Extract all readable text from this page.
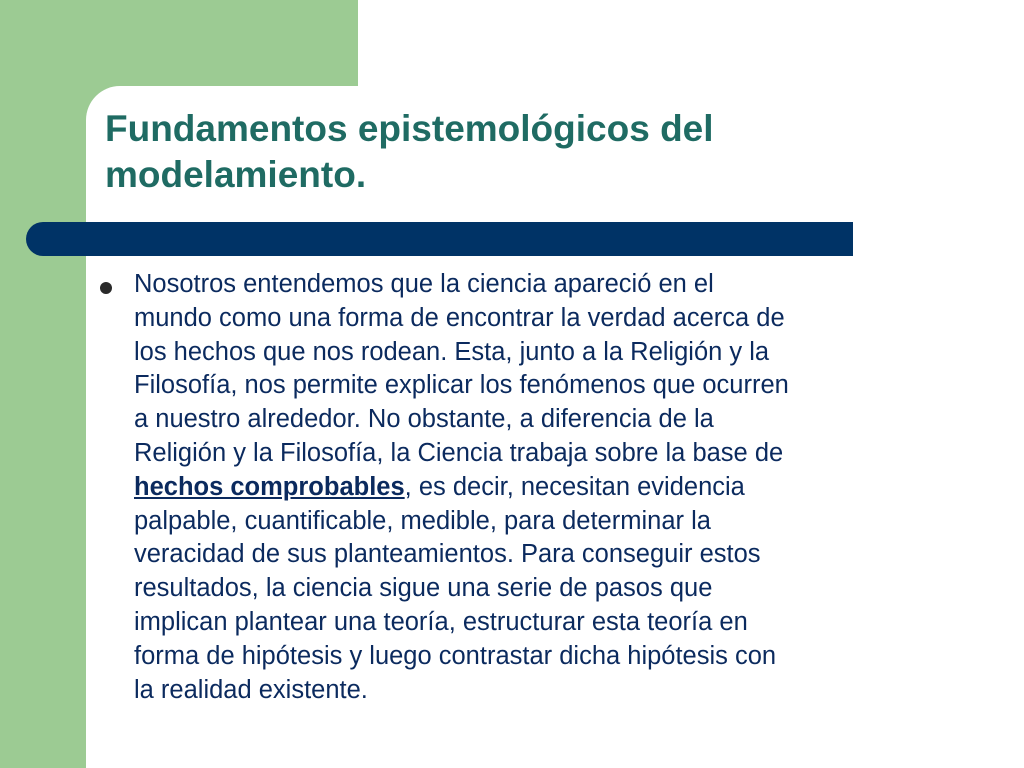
Fundamentos epistemológicos del
modelamiento.
Nosotros entendemos que la ciencia apareció en el
mundo como una forma de encontrar la verdad acerca de
los hechos que nos rodean. Esta, junto a la Religión y la
Filosofía, nos permite explicar los fenómenos que ocurren
a nuestro alrededor. No obstante, a diferencia de la
Religión y la Filosofía, la Ciencia trabaja sobre la base de
hechos comprobables, es decir, necesitan evidencia
palpable, cuantificable, medible, para determinar la
veracidad de sus planteamientos. Para conseguir estos
resultados, la ciencia sigue una serie de pasos que
implican plantear una teoría, estructurar esta teoría en
forma de hipótesis y luego contrastar dicha hipótesis con
la realidad existente.
